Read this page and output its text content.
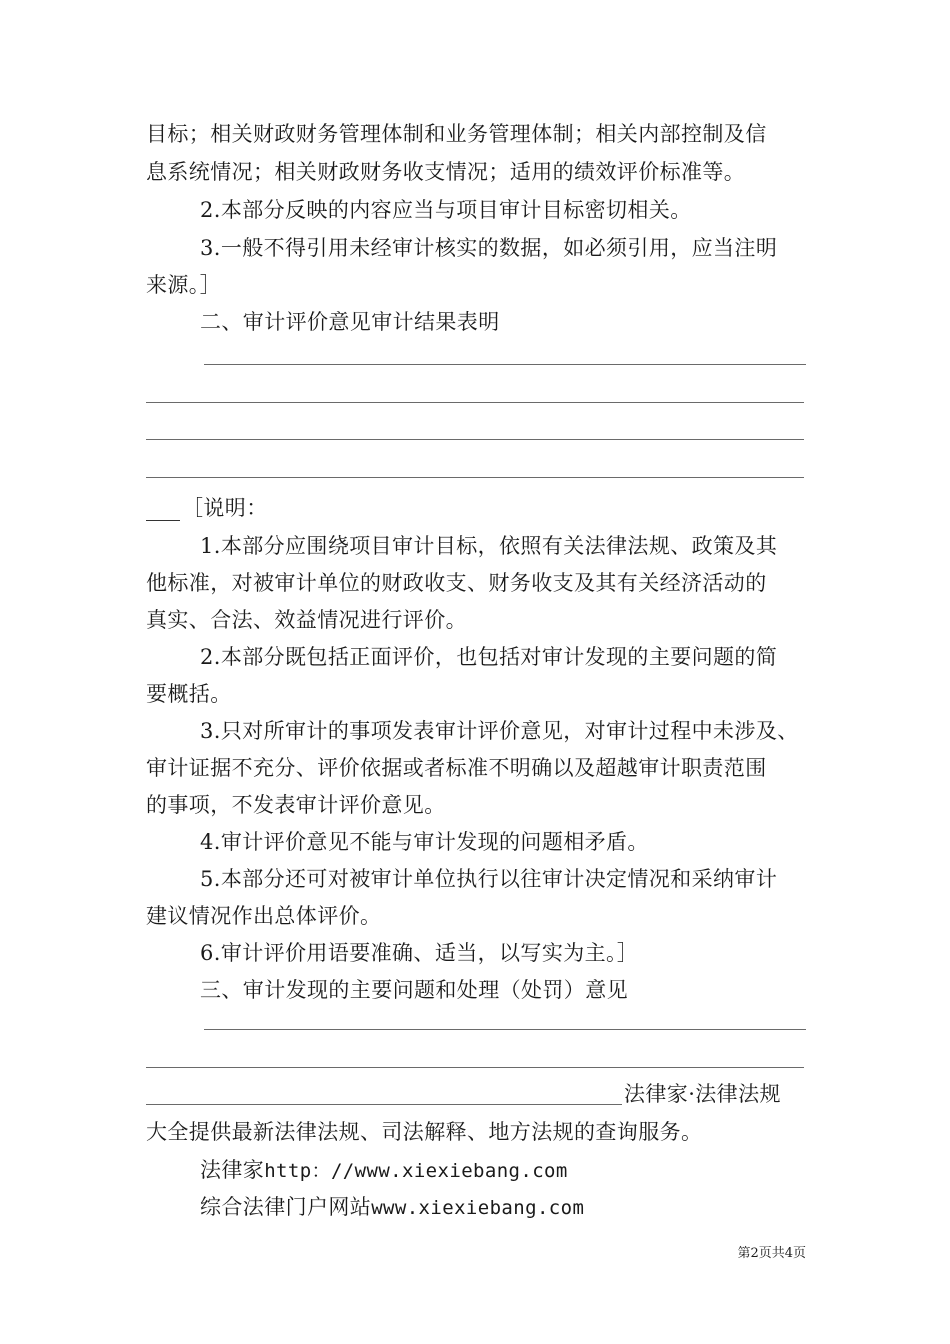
目标；相关财政财务管理体制和业务管理体制；相关内部控制及信
息系统情况；相关财政财务收支情况；适用的绩效评价标准等。
2.本部分反映的内容应当与项目审计目标密切相关。
3.一般不得引用未经审计核实的数据，如必须引用，应当注明
来源。］
二、审计评价意见审计结果表明
［说明：
1.本部分应围绕项目审计目标，依照有关法律法规、政策及其
他标准，对被审计单位的财政收支、财务收支及其有关经济活动的
真实、合法、效益情况进行评价。
2.本部分既包括正面评价，也包括对审计发现的主要问题的简
要概括。
3.只对所审计的事项发表审计评价意见，对审计过程中未涉及、
审计证据不充分、评价依据或者标准不明确以及超越审计职责范围
的事项，不发表审计评价意见。
4.审计评价意见不能与审计发现的问题相矛盾。
5.本部分还可对被审计单位执行以往审计决定情况和采纳审计
建议情况作出总体评价。
6.审计评价用语要准确、适当，以写实为主。］
三、审计发现的主要问题和处理（处罚）意见
法律家·法律法规
大全提供最新法律法规、司法解释、地方法规的查询服务。
法律家http：//www.xiexiebang.com
综合法律门户网站www.xiexiebang.com
第2页共4页
